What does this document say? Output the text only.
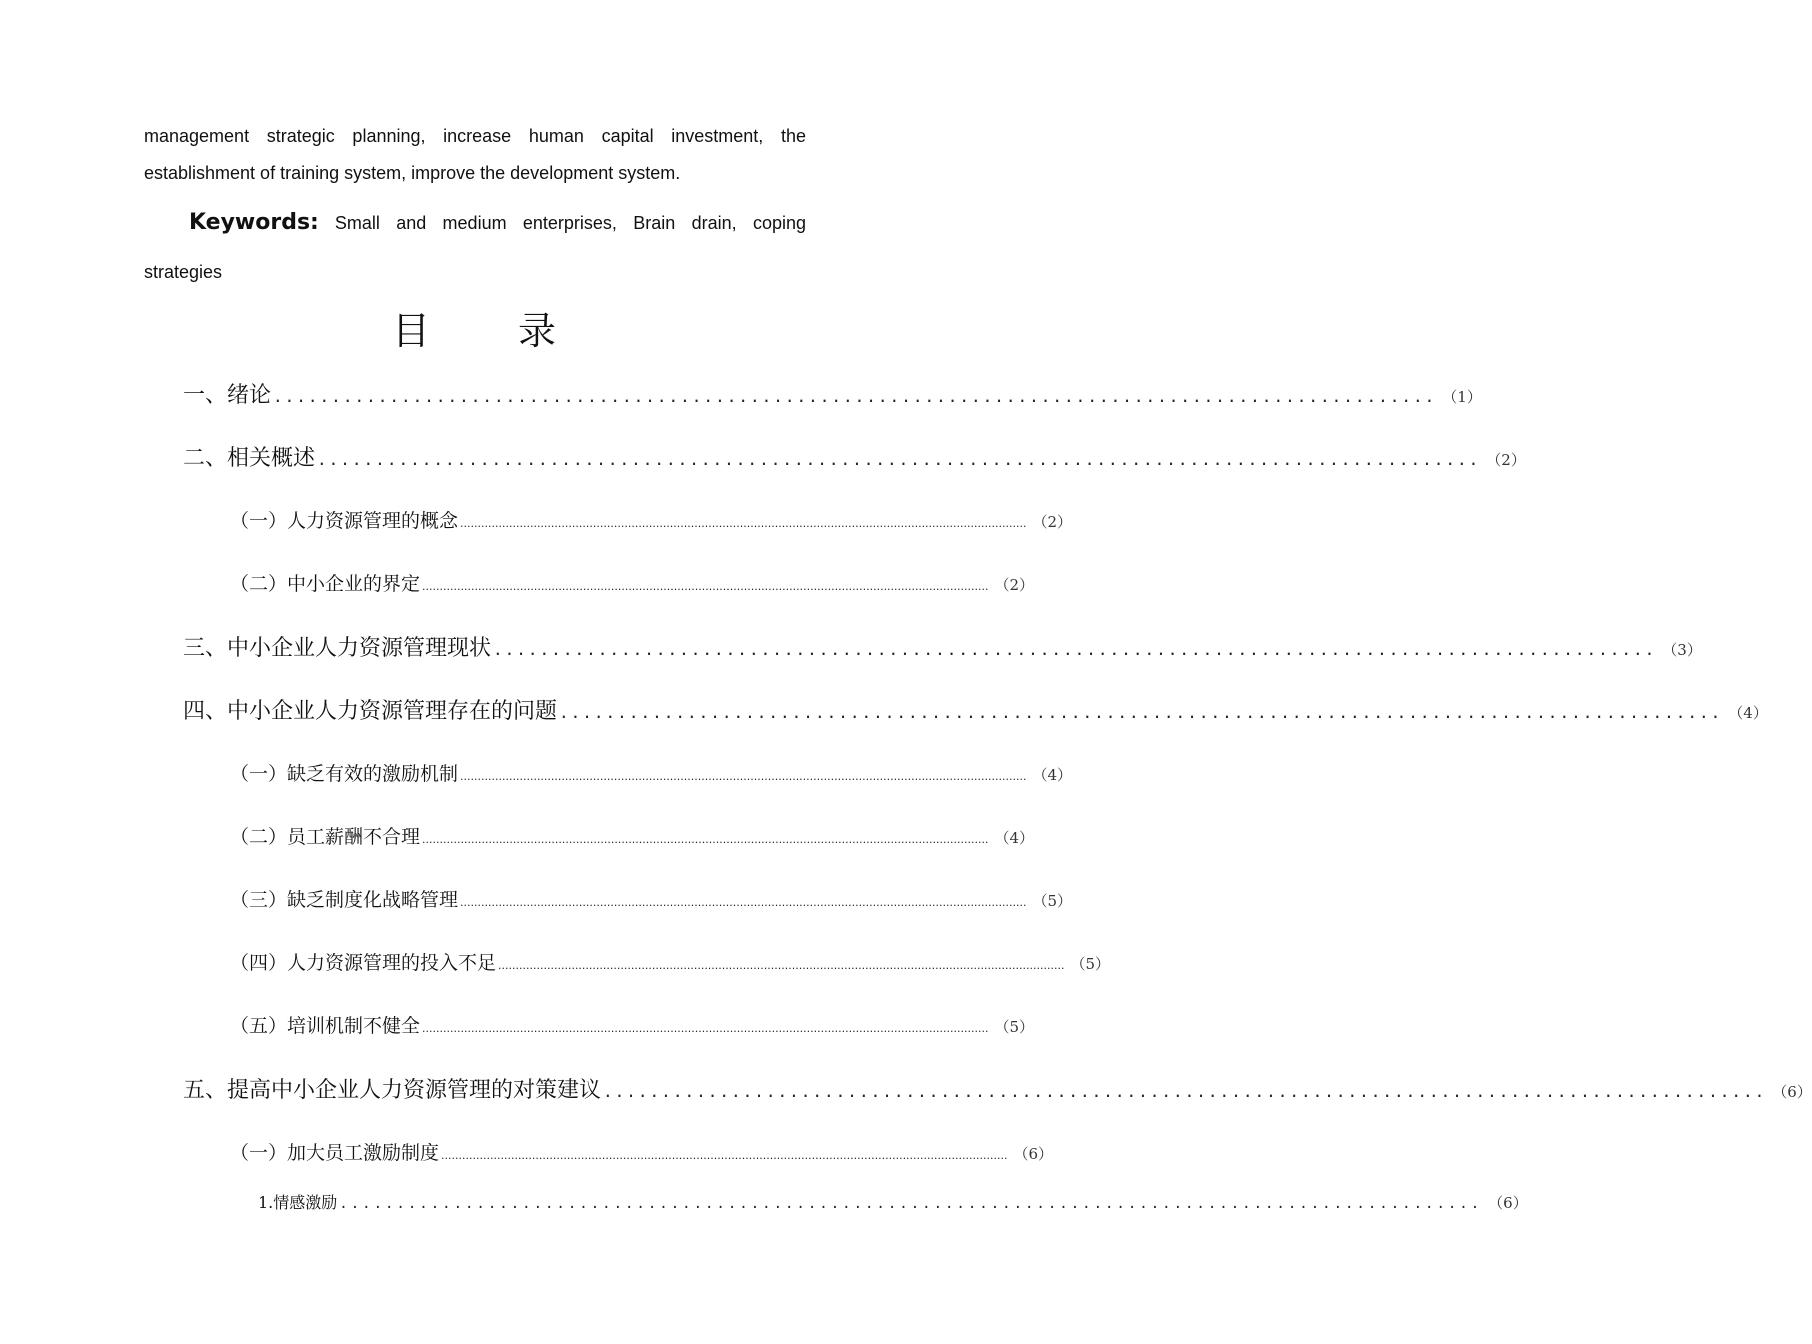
management strategic planning, increase human capital investment, the
establishment of training system, improve the development system.
Keywords: Small and medium enterprises, Brain drain, coping
strategies
目 录
一、绪论 .................................................................................................... （1）
二、相关概述 .................................................................................................... （2）
（一）人力资源管理的概念 .................................................................................................................................................................. （2）
（二）中小企业的界定 .................................................................................................................................................................. （2）
三、中小企业人力资源管理现状 .................................................................................................... （3）
四、中小企业人力资源管理存在的问题 .................................................................................................... （4）
（一）缺乏有效的激励机制 .................................................................................................................................................................. （4）
（二）员工薪酬不合理 .................................................................................................................................................................. （4）
（三）缺乏制度化战略管理 .................................................................................................................................................................. （5）
（四）人力资源管理的投入不足 .................................................................................................................................................................. （5）
（五）培训机制不健全 .................................................................................................................................................................. （5）
五、提高中小企业人力资源管理的对策建议 .................................................................................................... （6）
（一）加大员工激励制度 .................................................................................................................................................................. （6）
1.情感激励 .................................................................................................... （6）
